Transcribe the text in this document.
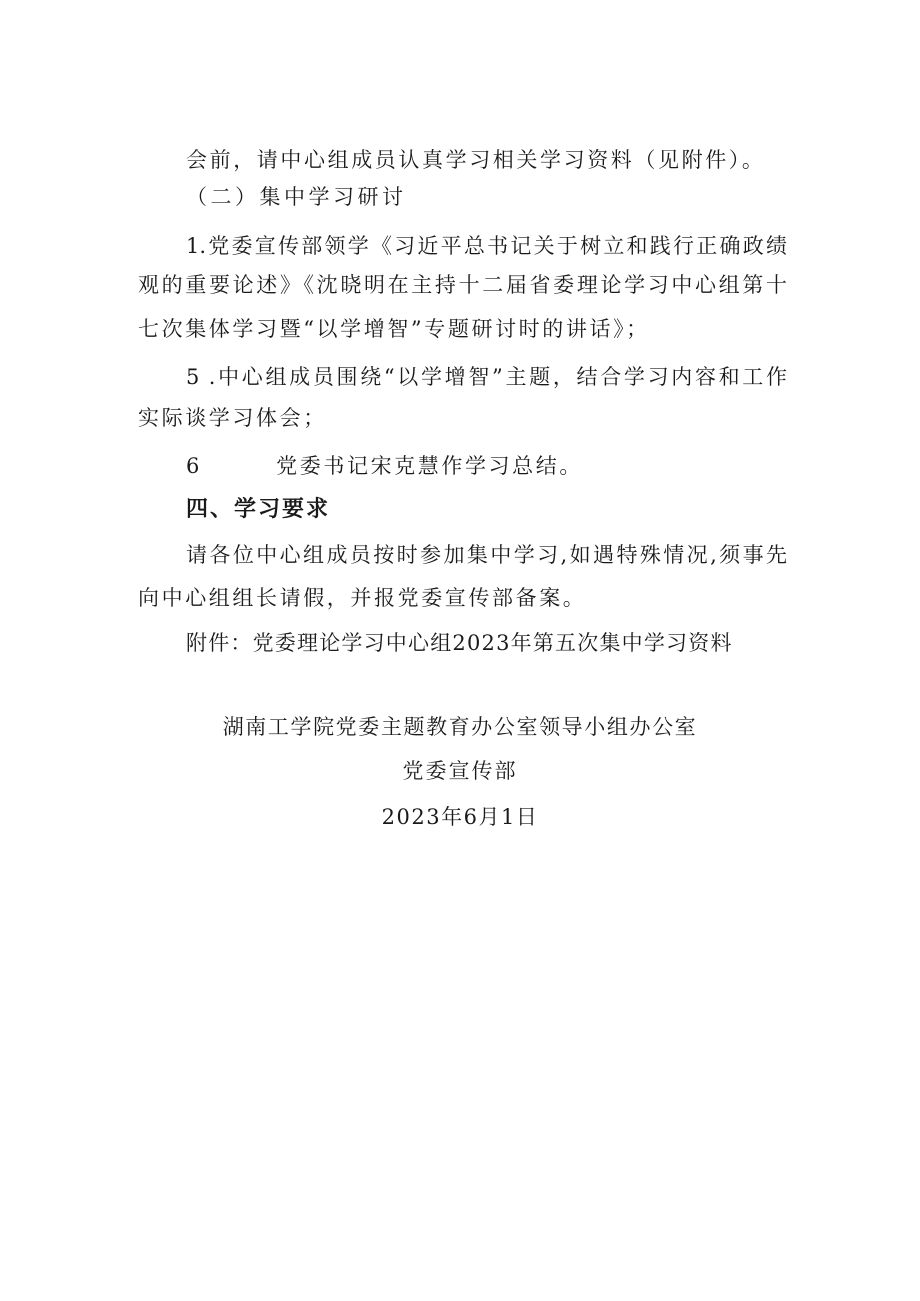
会前，请中心组成员认真学习相关学习资料（见附件）。
（二）集中学习研讨
1.党委宣传部领学《习近平总书记关于树立和践行正确政绩
观的重要论述》《沈晓明在主持十二届省委理论学习中心组第十
七次集体学习暨“以学增智”专题研讨时的讲话》；
5 .中心组成员围绕“以学增智”主题，结合学习内容和工作
实际谈学习体会；
6        党委书记宋克慧作学习总结。
四、学习要求
请各位中心组成员按时参加集中学习,如遇特殊情况,须事先
向中心组组长请假，并报党委宣传部备案。
附件：党委理论学习中心组2023年第五次集中学习资料
湖南工学院党委主题教育办公室领导小组办公室
党委宣传部
2023年6月1日
